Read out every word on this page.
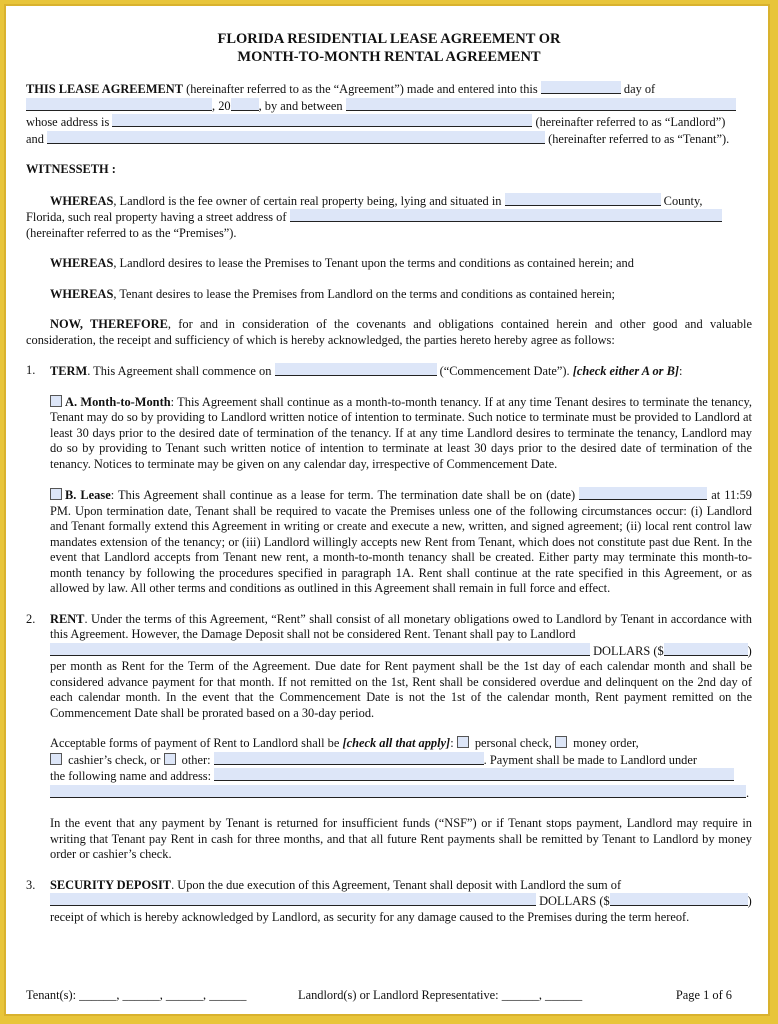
FLORIDA RESIDENTIAL LEASE AGREEMENT OR
MONTH-TO-MONTH RENTAL AGREEMENT

THIS LEASE AGREEMENT (hereinafter referred to as the “Agreement”) made and entered into this	day of
, 20 , by and between
whose address is	(hereinafter referred to as “Landlord”)
and	(hereinafter referred to as “Tenant”).

WITNESSETH :

WHEREAS, Landlord is the fee owner of certain real property being, lying and situated in	County,
Florida, such real property having a street address of
(hereinafter referred to as the “Premises”).

WHEREAS, Landlord desires to lease the Premises to Tenant upon the terms and conditions as contained herein; and

WHEREAS, Tenant desires to lease the Premises from Landlord on the terms and conditions as contained herein;

NOW, THEREFORE, for and in consideration of the covenants and obligations contained herein and other good and valuable consideration, the receipt and sufficiency of which is hereby acknowledged, the parties hereto hereby agree as follows:

1.	TERM. This Agreement shall commence on	(“Commencement Date”). [check either A or B]:

A. Month-to-Month: This Agreement shall continue as a month-to-month tenancy. If at any time Tenant desires to terminate the tenancy, Tenant may do so by providing to Landlord written notice of intention to terminate. Such notice to terminate must be provided to Landlord at least 30 days prior to the desired date of termination of the tenancy. If at any time Landlord desires to terminate the tenancy, Landlord may do so by providing to Tenant such written notice of intention to terminate at least 30 days prior to the desired date of termination of the tenancy. Notices to terminate may be given on any calendar day, irrespective of Commencement Date.

B. Lease: This Agreement shall continue as a lease for term. The termination date shall be on (date)	at 11:59 PM. Upon termination date, Tenant shall be required to vacate the Premises unless one of the following circumstances occur: (i) Landlord and Tenant formally extend this Agreement in writing or create and execute a new, written, and signed agreement; (ii) local rent control law mandates extension of the tenancy; or (iii) Landlord willingly accepts new Rent from Tenant, which does not constitute past due Rent. In the event that Landlord accepts from Tenant new rent, a month-to-month tenancy shall be created. Either party may terminate this month-to-month tenancy by following the procedures specified in paragraph 1A. Rent shall continue at the rate specified in this Agreement, or as allowed by law. All other terms and conditions as outlined in this Agreement shall remain in full force and effect.

2.	RENT. Under the terms of this Agreement, “Rent” shall consist of all monetary obligations owed to Landlord by Tenant in accordance with this Agreement. However, the Damage Deposit shall not be considered Rent. Tenant shall pay to Landlord

DOLLARS ($	)

per month as Rent for the Term of the Agreement. Due date for Rent payment shall be the 1st day of each calendar month and shall be considered advance payment for that month. If not remitted on the 1st, Rent shall be considered overdue and delinquent on the 2nd day of each calendar month. In the event that the Commencement Date is not the 1st of the calendar month, Rent payment remitted on the Commencement Date shall be prorated based on a 30-day period.

Acceptable forms of payment of Rent to Landlord shall be [check all that apply]:  personal check, money order,

cashier’s check, or other:	. Payment shall be made to Landlord under

the following name and address:

.

In the event that any payment by Tenant is returned for insufficient funds (“NSF”) or if Tenant stops payment, Landlord may require in writing that Tenant pay Rent in cash for three months, and that all future Rent payments shall be remitted by Tenant to Landlord by money order or cashier’s check.

3.	SECURITY DEPOSIT. Upon the due execution of this Agreement, Tenant shall deposit with Landlord the sum of

DOLLARS ($	)

receipt of which is hereby acknowledged by Landlord, as security for any damage caused to the Premises during the term hereof.

Tenant(s): ______, ______, ______, ______	Landlord(s) or Landlord Representative: ______, ______	Page 1 of 6
